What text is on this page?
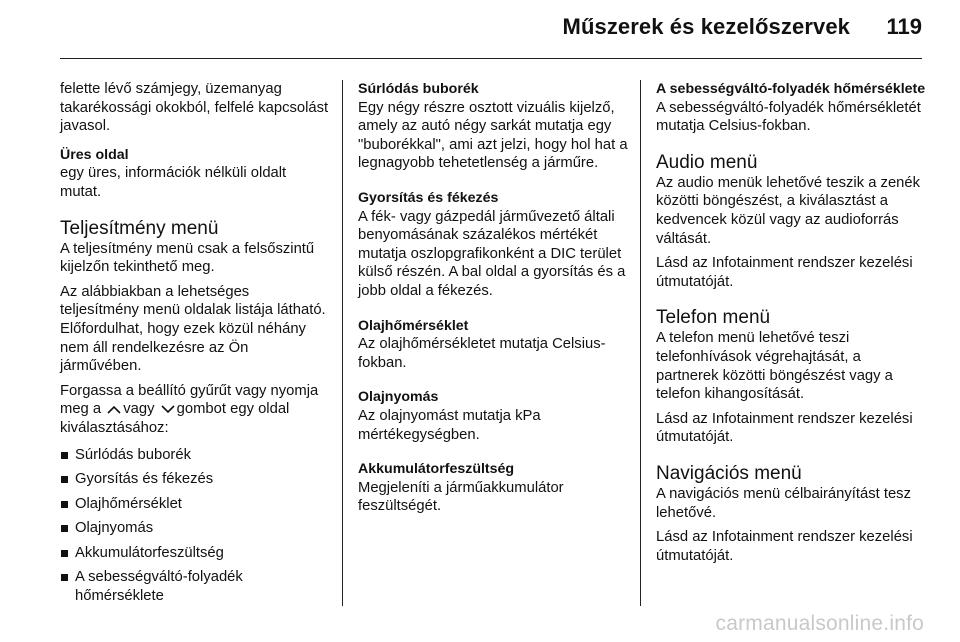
Műszerek és kezelőszervek 119

felette lévő számjegy, üzemanyag takarékossági okokból, felfelé kapcsolást javasol.

Üres oldal

egy üres, információk nélküli oldalt mutat.

Teljesítmény menü

A teljesítmény menü csak a felsőszintű kijelzőn tekinthető meg.

Az alábbiakban a lehetséges teljesítmény menü oldalak listája látható. Előfordulhat, hogy ezek közül néhány nem áll rendelkezésre az Ön járművében.

Forgassa a beállító gyűrűt vagy nyomja meg a vagy gombot egy oldal kiválasztásához:

Súrlódás buborék
Gyorsítás és fékezés
Olajhőmérséklet
Olajnyomás
Akkumulátorfeszültség
A sebességváltó-folyadék hőmérséklete
Súrlódás buborék

Egy négy részre osztott vizuális kijelző, amely az autó négy sarkát mutatja egy "buborékkal", ami azt jelzi, hogy hol hat a legnagyobb tehetetlenség a járműre.

Gyorsítás és fékezés

A fék- vagy gázpedál járművezető általi benyomásának százalékos mértékét mutatja oszlopgrafikonként a DIC terület külső részén. A bal oldal a gyorsítás és a jobb oldal a fékezés.

Olajhőmérséklet

Az olajhőmérsékletet mutatja Celsius-fokban.

Olajnyomás

Az olajnyomást mutatja kPa mértékegységben.

Akkumulátorfeszültség

Megjeleníti a járműakkumulátor feszültségét.

A sebességváltó-folyadék hőmérséklete

A sebességváltó-folyadék hőmérsékletét mutatja Celsius-fokban.

Audio menü

Az audio menük lehetővé teszik a zenék közötti böngészést, a kiválasztást a kedvencek közül vagy az audioforrás váltását.

Lásd az Infotainment rendszer kezelési útmutatóját.

Telefon menü

A telefon menü lehetővé teszi telefonhívások végrehajtását, a partnerek közötti böngészést vagy a telefon kihangosítását.

Lásd az Infotainment rendszer kezelési útmutatóját.

Navigációs menü

A navigációs menü célbairányítást tesz lehetővé.

Lásd az Infotainment rendszer kezelési útmutatóját.

carmanualsonline.info
